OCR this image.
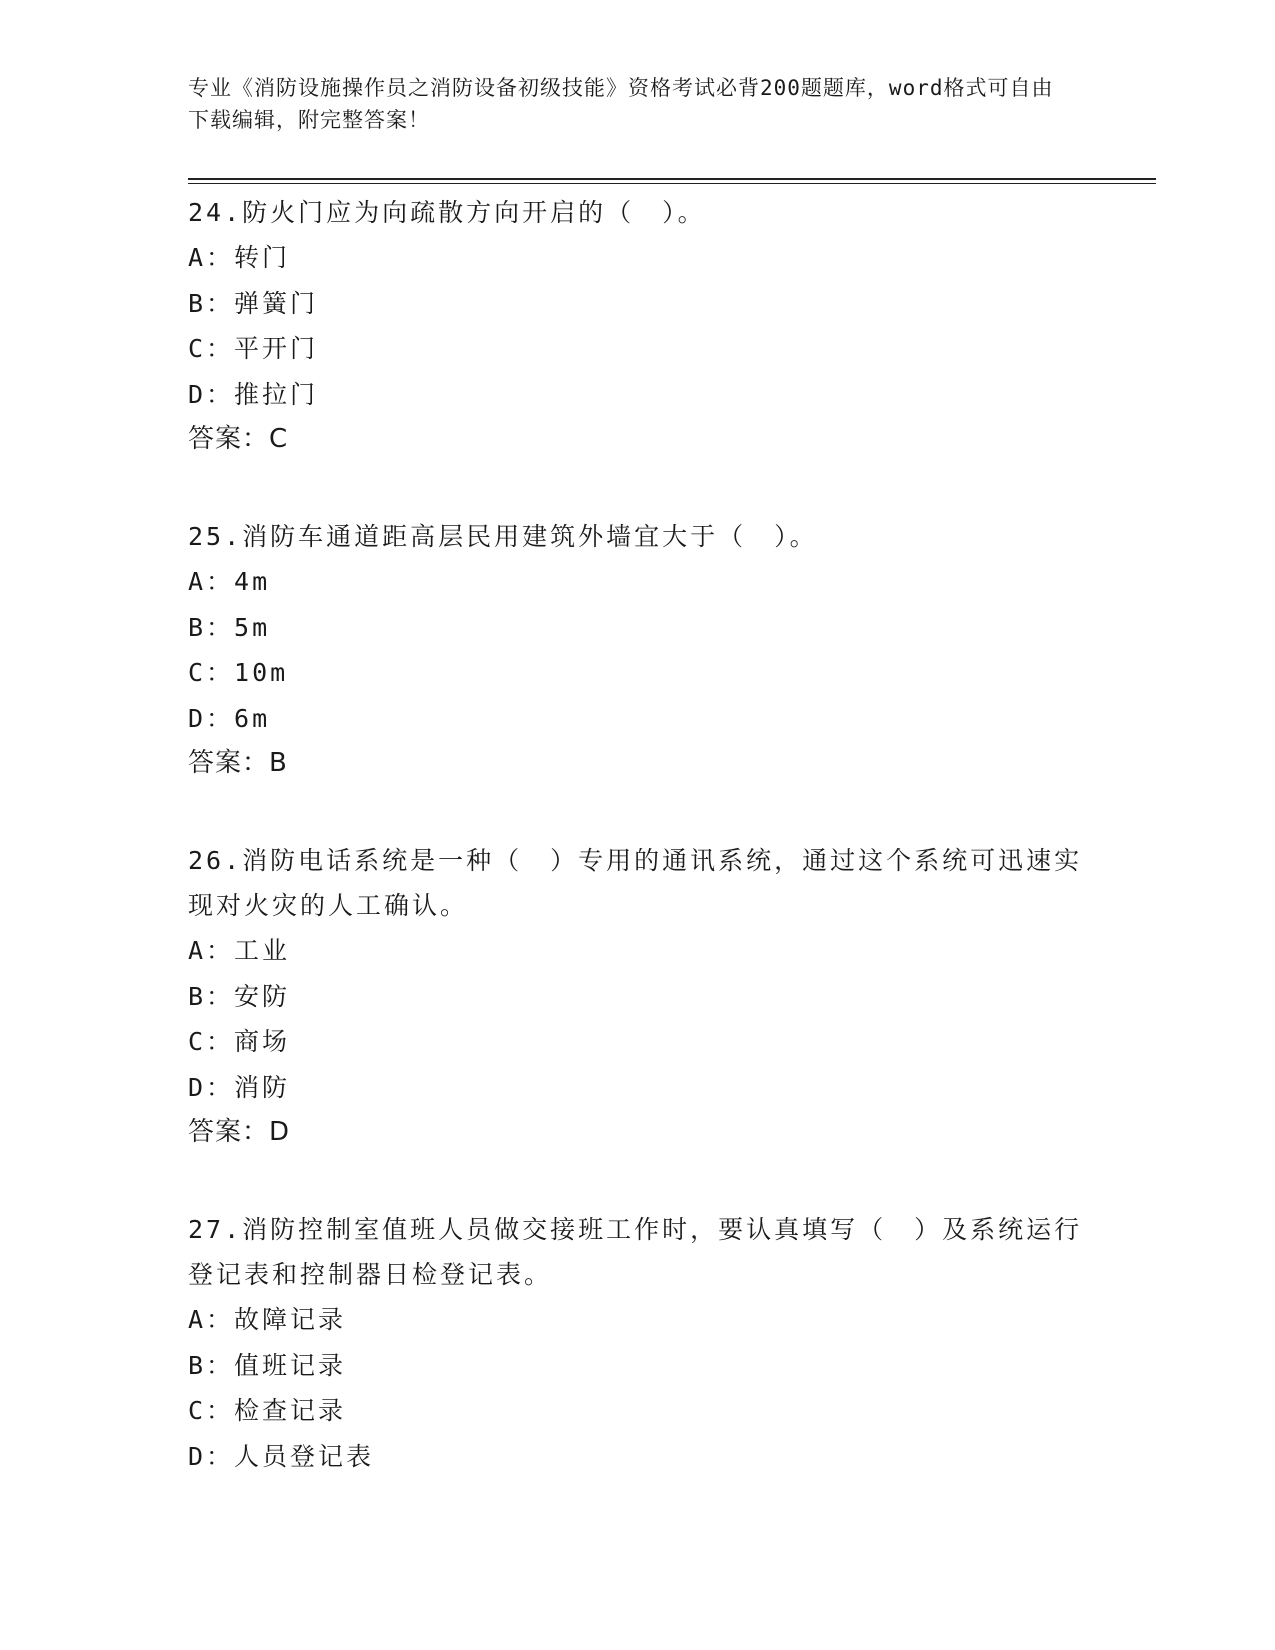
专业《消防设施操作员之消防设备初级技能》资格考试必背200题题库，word格式可自由下载编辑，附完整答案！

24.防火门应为向疏散方向开启的（　）。

A：转门

B：弹簧门

C：平开门

D：推拉门

答案：C

25.消防车通道距高层民用建筑外墙宜大于（　）。

A：4m

B：5m

C：10m

D：6m

答案：B

26.消防电话系统是一种（　）专用的通讯系统，通过这个系统可迅速实现对火灾的人工确认。

A：工业

B：安防

C：商场

D：消防

答案：D

27.消防控制室值班人员做交接班工作时，要认真填写（　）及系统运行登记表和控制器日检登记表。

A：故障记录

B：值班记录

C：检查记录

D：人员登记表
